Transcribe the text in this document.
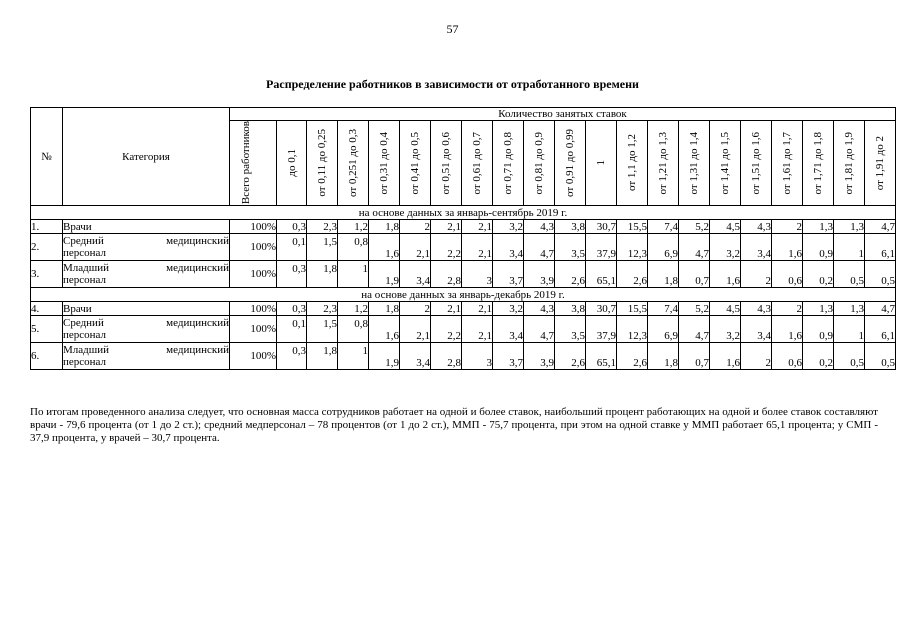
57
Распределение работников в зависимости от отработанного времени
№	Категория	Количество занятых ставок																				

		Всего работников	до 0,1	от 0,11 до 0,25	от 0,251 до 0,3	от 0,31 до 0,4	от 0,41 до 0,5	от 0,51 до 0,6	от 0,61 до 0,7	от 0,71 до 0,8	от 0,81 до 0,9	от 0,91 до 0,99	1	от 1,1 до 1,2	от 1,21 до 1,3	от 1,31 до 1,4	от 1,41 до 1,5	от 1,51 до 1,6	от 1,61 до 1,7	от 1,71 до 1,8	от 1,81 до 1,9	от 1,91 до 2

на основе данных за январь-сентябрь 2019 г.																						
1.	Врачи	100%	0,3	2,3	1,2	1,8	2	2,1	2,1	3,2	4,3	3,8	30,7	15,5	7,4	5,2	4,5	4,3	2	1,3	1,3	4,7
2.	Средний медицинский
персонал	100%	0,1	1,5	0,8	1,6	2,1	2,2	2,1	3,4	4,7	3,5	37,9	12,3	6,9	4,7	3,2	3,4	1,6	0,9	1	6,1
3.	Младший медицинский
персонал	100%	0,3	1,8	1	1,9	3,4	2,8	3	3,7	3,9	2,6	65,1	2,6	1,8	0,7	1,6	2	0,6	0,2	0,5	0,5
на основе данных за январь-декабрь 2019 г.																						
4.	Врачи	100%	0,3	2,3	1,2	1,8	2	2,1	2,1	3,2	4,3	3,8	30,7	15,5	7,4	5,2	4,5	4,3	2	1,3	1,3	4,7
5.	Средний медицинский
персонал	100%	0,1	1,5	0,8	1,6	2,1	2,2	2,1	3,4	4,7	3,5	37,9	12,3	6,9	4,7	3,2	3,4	1,6	0,9	1	6,1
6.	Младший медицинский
персонал	100%	0,3	1,8	1	1,9	3,4	2,8	3	3,7	3,9	2,6	65,1	2,6	1,8	0,7	1,6	2	0,6	0,2	0,5	0,5
По итогам проведенного анализа следует, что основная масса сотрудников работает на одной и более ставок, наибольший процент работающих на одной и более ставок составляют врачи - 79,6 процента (от 1 до 2 ст.); средний медперсонал – 78 процентов (от 1 до 2 ст.), ММП - 75,7 процента, при этом на одной ставке у ММП работает 65,1 процента; у СМП - 37,9 процента, у врачей – 30,7 процента.
